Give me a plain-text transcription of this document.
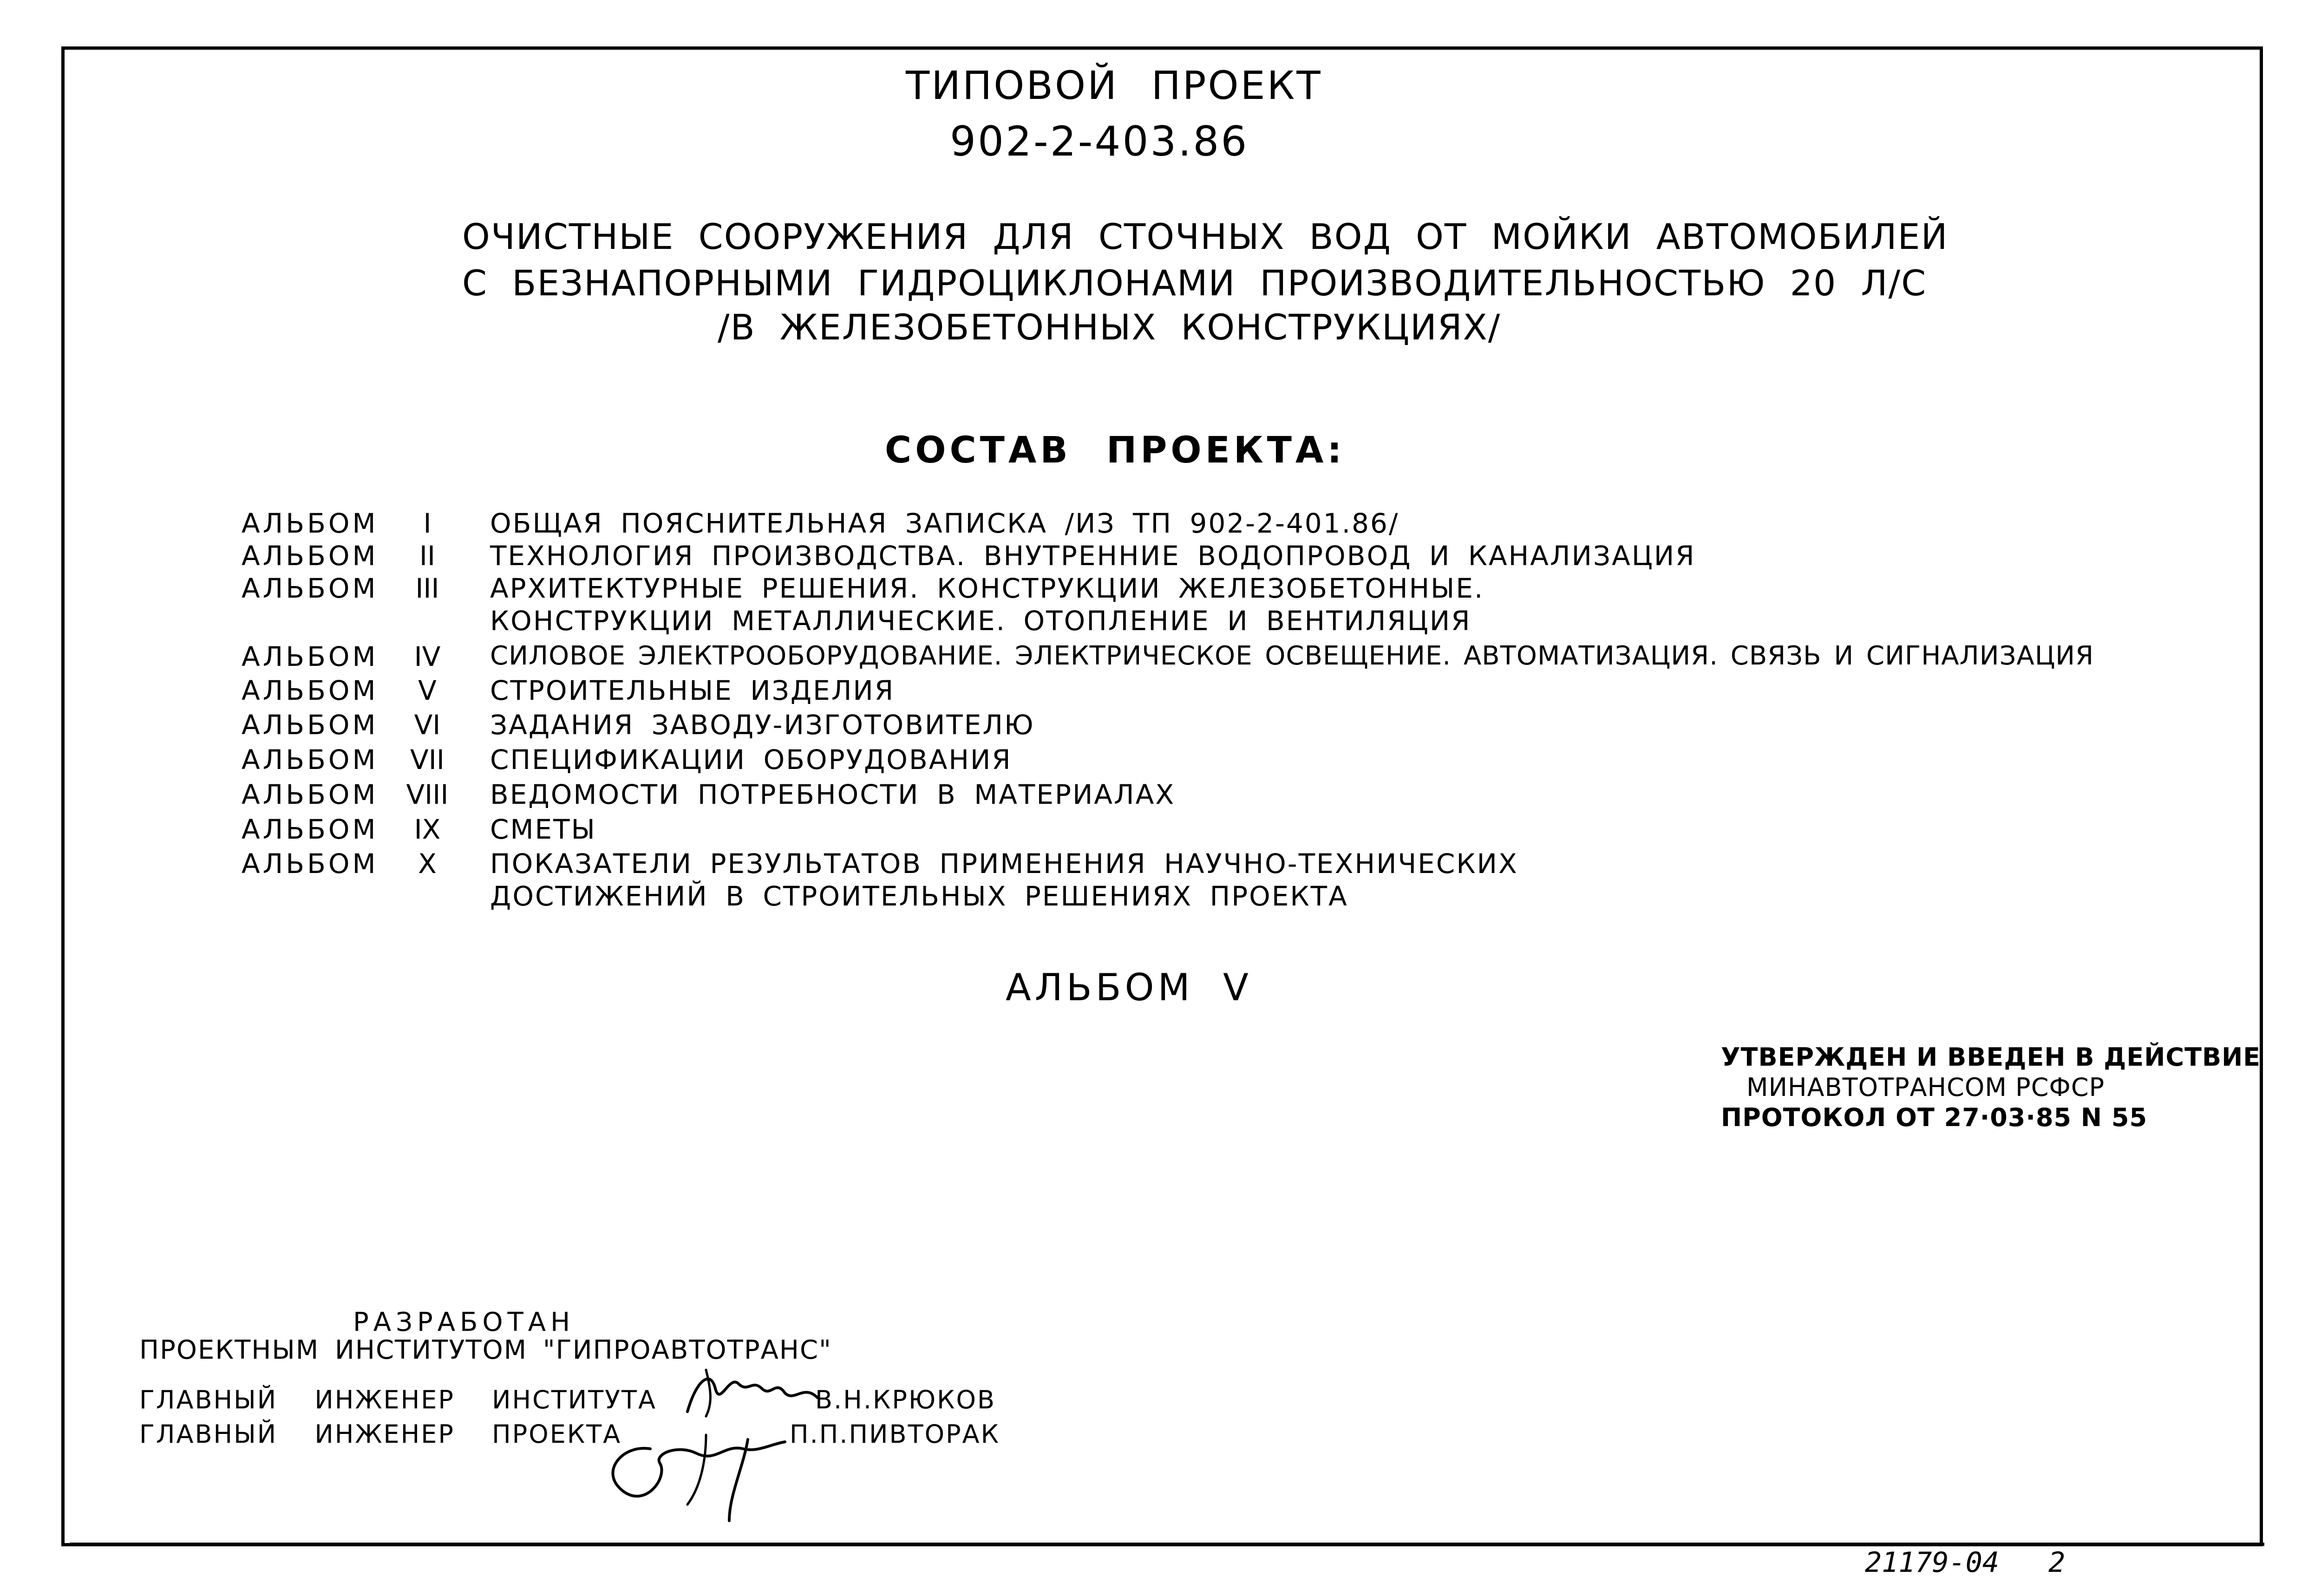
ТИПОВОЙ ПРОЕКТ
902-2-403.86
ОЧИСТНЫЕ СООРУЖЕНИЯ ДЛЯ СТОЧНЫХ ВОД ОТ МОЙКИ АВТОМОБИЛЕЙ
С БЕЗНАПОРНЫМИ ГИДРОЦИКЛОНАМИ ПРОИЗВОДИТЕЛЬНОСТЬЮ 20 Л/С
/В ЖЕЛЕЗОБЕТОННЫХ КОНСТРУКЦИЯХ/
СОСТАВ ПРОЕКТА:
АЛЬБОМ	I	ОБЩАЯ ПОЯСНИТЕЛЬНАЯ ЗАПИСКА /ИЗ ТП 902-2-401.86/
АЛЬБОМ	II	ТЕХНОЛОГИЯ ПРОИЗВОДСТВА. ВНУТРЕННИЕ ВОДОПРОВОД И КАНАЛИЗАЦИЯ
АЛЬБОМ	III	АРХИТЕКТУРНЫЕ РЕШЕНИЯ. КОНСТРУКЦИИ ЖЕЛЕЗОБЕТОННЫЕ.
КОНСТРУКЦИИ МЕТАЛЛИЧЕСКИЕ. ОТОПЛЕНИЕ И ВЕНТИЛЯЦИЯ
АЛЬБОМ	IV	СИЛОВОЕ ЭЛЕКТРООБОРУДОВАНИЕ. ЭЛЕКТРИЧЕСКОЕ ОСВЕЩЕНИЕ. АВТОМАТИЗАЦИЯ. СВЯЗЬ И СИГНАЛИЗАЦИЯ
АЛЬБОМ	V	СТРОИТЕЛЬНЫЕ ИЗДЕЛИЯ
АЛЬБОМ	VI	ЗАДАНИЯ ЗАВОДУ-ИЗГОТОВИТЕЛЮ
АЛЬБОМ VII СПЕЦИФИКАЦИИ ОБОРУДОВАНИЯ
АЛЬБОМ VIII ВЕДОМОСТИ ПОТРЕБНОСТИ В МАТЕРИАЛАХ
АЛЬБОМ	IX	СМЕТЫ
АЛЬБОМ	X	ПОКАЗАТЕЛИ РЕЗУЛЬТАТОВ ПРИМЕНЕНИЯ НАУЧНО-ТЕХНИЧЕСКИХ
ДОСТИЖЕНИЙ В СТРОИТЕЛЬНЫХ РЕШЕНИЯХ ПРОЕКТА
АЛЬБОМ V
УТВЕРЖДЕН И ВВЕДЕН В ДЕЙСТВИЕ
МИНАВТОТРАНСОМ РСФСР
ПРОТОКОЛ ОТ 27·03·85 N 55
РАЗРАБОТАН
ПРОЕКТНЫМ ИНСТИТУТОМ "ГИПРОАВТОТРАНС"
ГЛАВНЫЙ ИНЖЕНЕР ИНСТИТУТА	В.Н.КРЮКОВ
ГЛАВНЫЙ ИНЖЕНЕР ПРОЕКТА	П.П.ПИВТОРАК
21179-04 2
